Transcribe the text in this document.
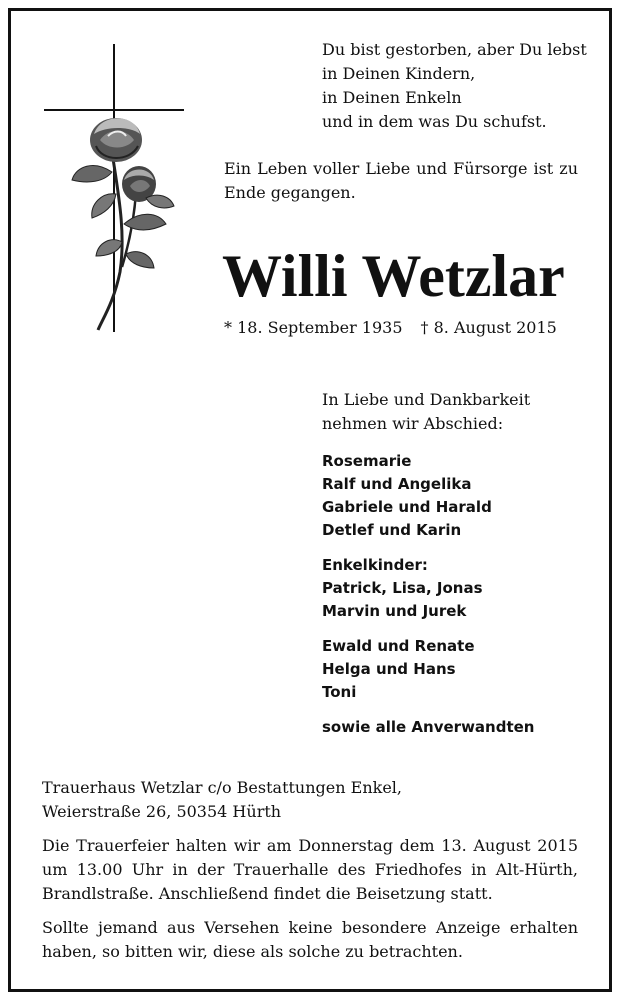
Du bist gestorben, aber Du lebst
in Deinen Kindern,
in Deinen Enkeln
und in dem was Du schufst.
Ein Leben voller Liebe und Fürsorge ist zu Ende gegangen.
Willi Wetzlar
* 18. September 1935 † 8. August 2015
In Liebe und Dankbarkeit
nehmen wir Abschied:
Rosemarie
Ralf und Angelika
Gabriele und Harald
Detlef und Karin
Enkelkinder:
Patrick, Lisa, Jonas
Marvin und Jurek
Ewald und Renate
Helga und Hans
Toni
sowie alle Anverwandten

Trauerhaus Wetzlar c/o Bestattungen Enkel,
Weierstraße 26, 50354 Hürth

Die Trauerfeier halten wir am Donnerstag dem 13. August 2015 um 13.00 Uhr in der Trauerhalle des Friedhofes in Alt-Hürth, Brandlstraße. Anschließend findet die Beisetzung statt.

Sollte jemand aus Versehen keine besondere Anzeige erhalten haben, so bitten wir, diese als solche zu betrachten.
